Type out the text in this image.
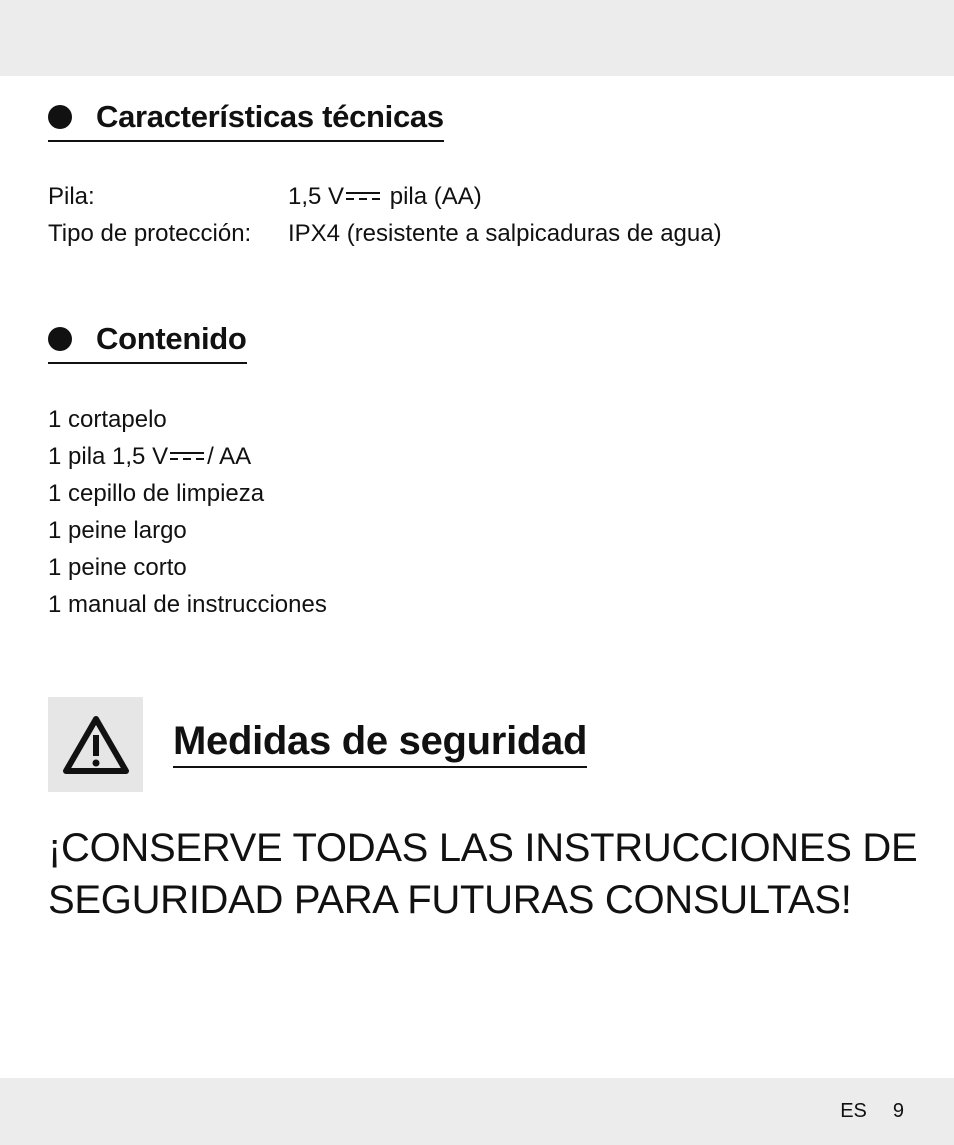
Características técnicas
Pila:	1,5 V pila (AA)
Tipo de protección:	IPX4 (resistente a salpicaduras de agua)
Contenido
1 cortapelo
1 pila 1,5 V / AA
1 cepillo de limpieza
1 peine largo
1 peine corto
1 manual de instrucciones
Medidas de seguridad
¡CONSERVE TODAS LAS INSTRUCCIONES DE SEGURIDAD PARA FUTURAS CONSULTAS!
ES 9
